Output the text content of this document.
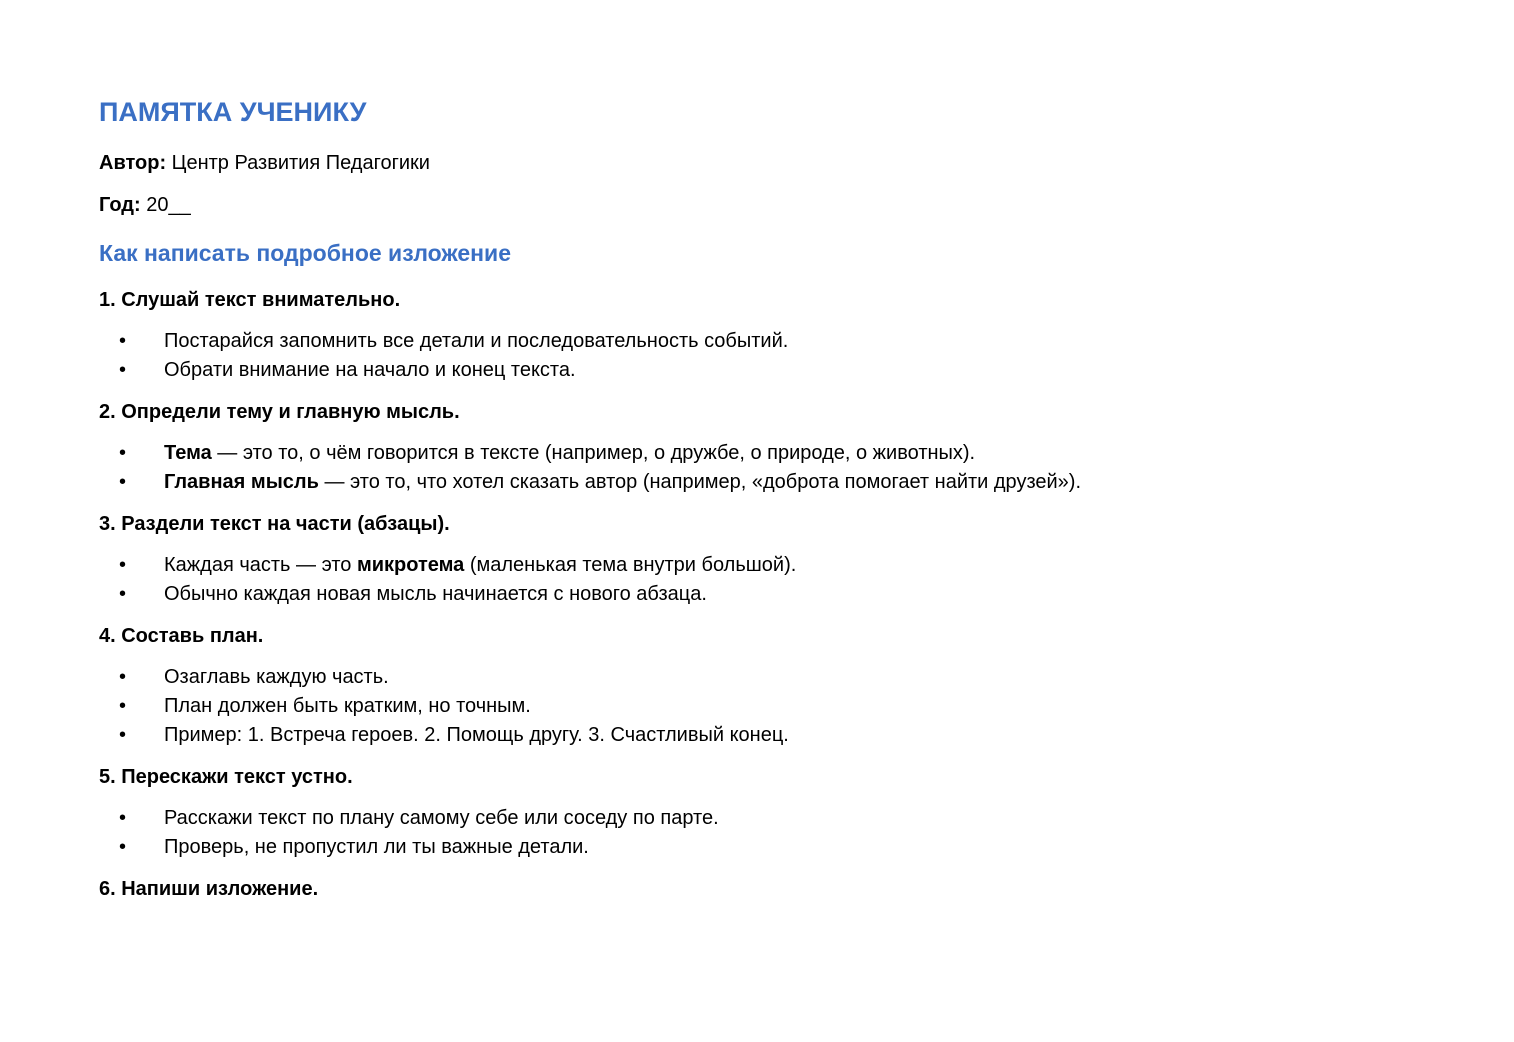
ПАМЯТКА УЧЕНИКУ

Автор: Центр Развития Педагогики

Год: 20__

Как написать подробное изложение

1. Слушай текст внимательно.

•	Постарайся запомнить все детали и последовательность событий.
•	Обрати внимание на начало и конец текста.

2. Определи тему и главную мысль.

•	Тема — это то, о чём говорится в тексте (например, о дружбе, о природе, о животных).
•	Главная мысль — это то, что хотел сказать автор (например, «доброта помогает найти друзей»).

3. Раздели текст на части (абзацы).

•	Каждая часть — это микротема (маленькая тема внутри большой).
•	Обычно каждая новая мысль начинается с нового абзаца.

4. Составь план.

•	Озаглавь каждую часть.
•	План должен быть кратким, но точным.
•	Пример: 1. Встреча героев. 2. Помощь другу. 3. Счастливый конец.

5. Перескажи текст устно.

•	Расскажи текст по плану самому себе или соседу по парте.
•	Проверь, не пропустил ли ты важные детали.

6. Напиши изложение.
